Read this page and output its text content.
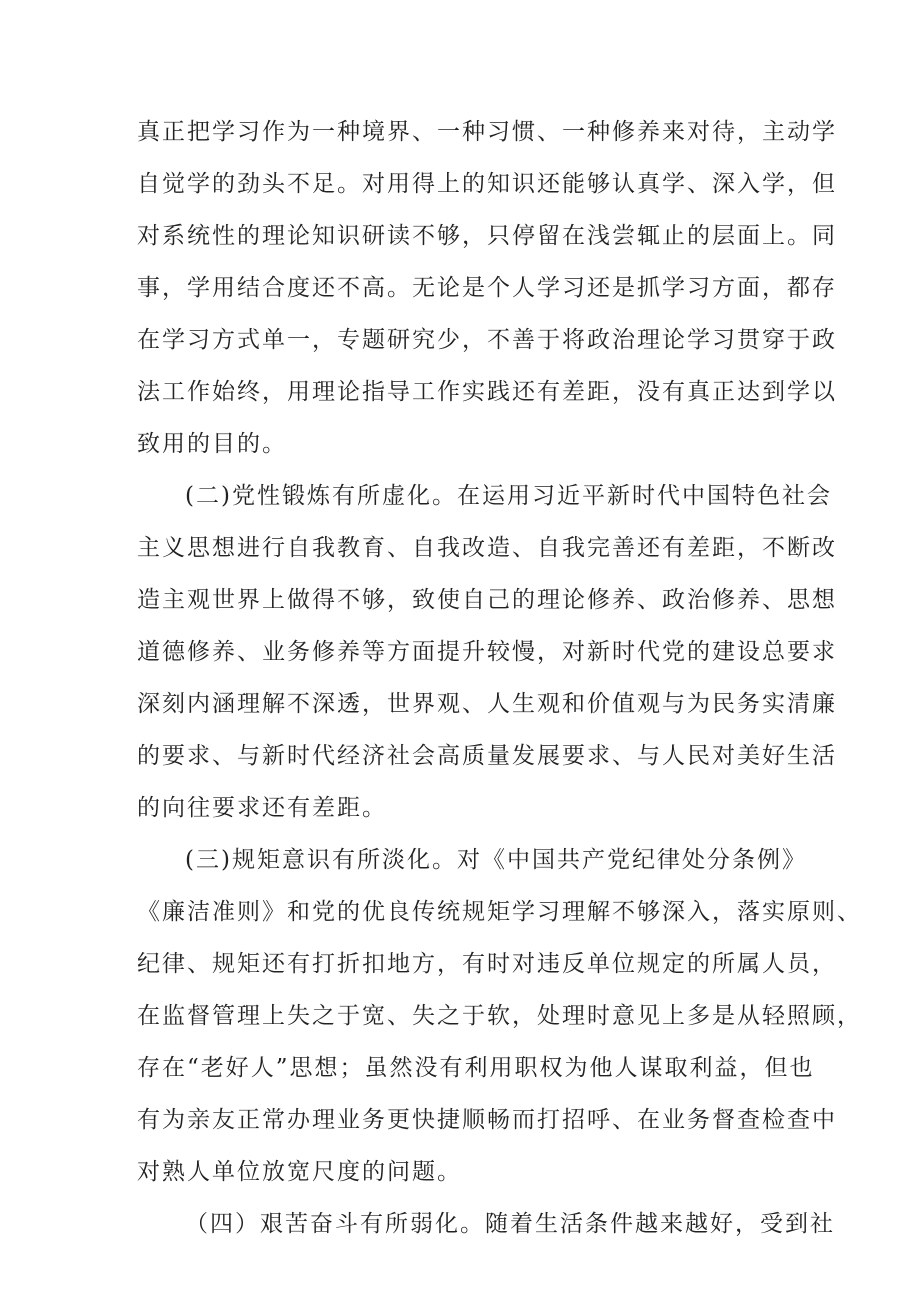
真正把学习作为一种境界、一种习惯、一种修养来对待，主动学
自觉学的劲头不足。对用得上的知识还能够认真学、深入学，但
对系统性的理论知识研读不够，只停留在浅尝辄止的层面上。同
事，学用结合度还不高。无论是个人学习还是抓学习方面，都存
在学习方式单一，专题研究少，不善于将政治理论学习贯穿于政
法工作始终，用理论指导工作实践还有差距，没有真正达到学以
致用的目的。
(二)党性锻炼有所虚化。在运用习近平新时代中国特色社会
主义思想进行自我教育、自我改造、自我完善还有差距，不断改
造主观世界上做得不够，致使自己的理论修养、政治修养、思想
道德修养、业务修养等方面提升较慢，对新时代党的建设总要求
深刻内涵理解不深透，世界观、人生观和价值观与为民务实清廉
的要求、与新时代经济社会高质量发展要求、与人民对美好生活
的向往要求还有差距。
(三)规矩意识有所淡化。对《中国共产党纪律处分条例》
《廉洁准则》和党的优良传统规矩学习理解不够深入，落实原则、
纪律、规矩还有打折扣地方，有时对违反单位规定的所属人员，
在监督管理上失之于宽、失之于软，处理时意见上多是从轻照顾，
存在“老好人”思想；虽然没有利用职权为他人谋取利益，但也
有为亲友正常办理业务更快捷顺畅而打招呼、在业务督查检查中
对熟人单位放宽尺度的问题。
（四）艰苦奋斗有所弱化。随着生活条件越来越好，受到社
